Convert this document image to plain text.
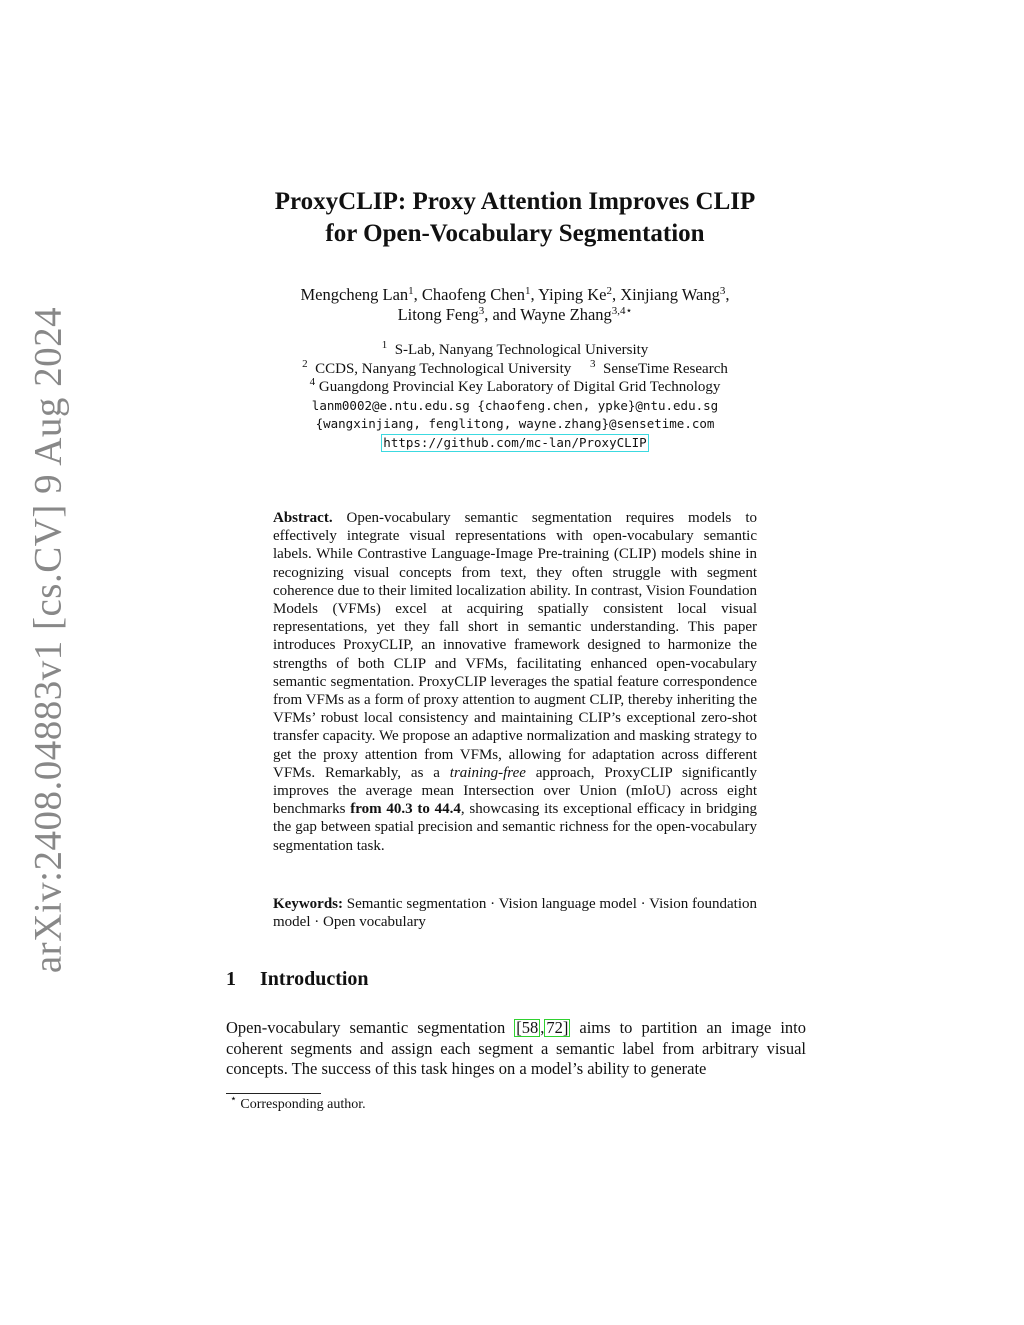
arXiv:2408.04883v1 [cs.CV] 9 Aug 2024
ProxyCLIP: Proxy Attention Improves CLIP
for Open-Vocabulary Segmentation
Mengcheng Lan$^1$, Chaofeng Chen$^1$, Yiping Ke$^2$, Xinjiang Wang$^3$,
Litong Feng$^3$, and Wayne Zhang$^{3,4⋆}$
$^1$ S-Lab, Nanyang Technological University
$^2$ CCDS, Nanyang Technological University $^3$ SenseTime Research
$^4$ Guangdong Provincial Key Laboratory of Digital Grid Technology
lanm0002@e.ntu.edu.sg {chaofeng.chen, ypke}@ntu.edu.sg
{wangxinjiang, fenglitong, wayne.zhang}@sensetime.com
https://github.com/mc-lan/ProxyCLIP
Abstract. Open-vocabulary semantic segmentation requires models to effectively integrate visual representations with open-vocabulary semantic labels. While Contrastive Language-Image Pre-training (CLIP) models shine in recognizing visual concepts from text, they often struggle with segment coherence due to their limited localization ability. In contrast, Vision Foundation Models (VFMs) excel at acquiring spatially consistent local visual representations, yet they fall short in semantic understanding. This paper introduces ProxyCLIP, an innovative framework designed to harmonize the strengths of both CLIP and VFMs, facilitating enhanced open-vocabulary semantic segmentation. ProxyCLIP leverages the spatial feature correspondence from VFMs as a form of proxy attention to augment CLIP, thereby inheriting the VFMs’ robust local consistency and maintaining CLIP’s exceptional zero-shot transfer capacity. We propose an adaptive normalization and masking strategy to get the proxy attention from VFMs, allowing for adaptation across different VFMs. Remarkably, as a training-free approach, ProxyCLIP significantly improves the average mean Intersection over Union (mIoU) across eight benchmarks from 40.3 to 44.4, showcasing its exceptional efficacy in bridging the gap between spatial precision and semantic richness for the open-vocabulary segmentation task.
Keywords: Semantic segmentation · Vision language model · Vision foundation model · Open vocabulary
1 Introduction
Open-vocabulary semantic segmentation [58 , 72] aims to partition an image into coherent segments and assign each segment a semantic label from arbitrary visual concepts. The success of this task hinges on a model’s ability to generate
⋆ Corresponding author.
